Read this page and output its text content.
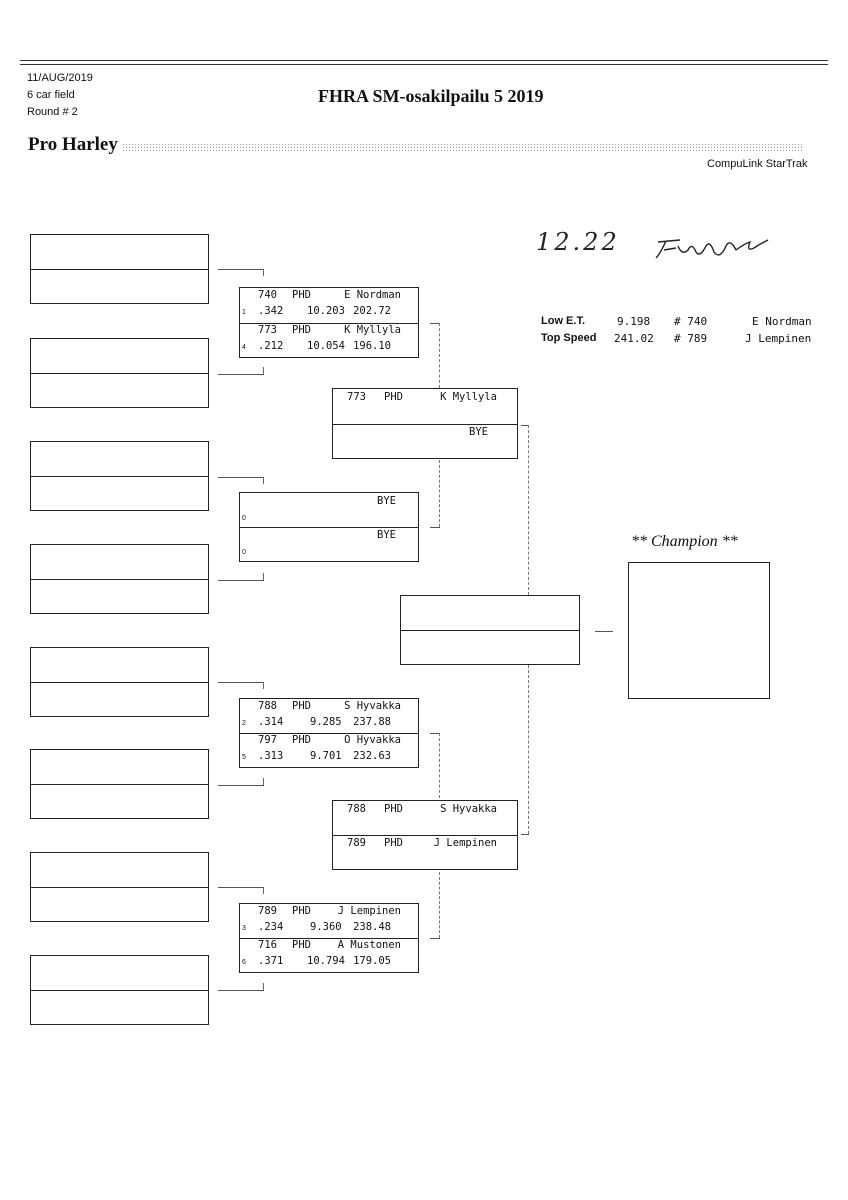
11/AUG/2019
6 car field
Round # 2
FHRA SM-osakilpailu 5 2019
Pro Harley
CompuLink StarTrak
12.22
Low E.T.	9.198 # 740	E Nordman
Top Speed 241.02 # 789	J Lempinen
740 PHD	E Nordman
1 .342 10.203 202.72
773 PHD	K Myllyla
4 .212 10.054 196.10
BYE
0
BYE
0
788 PHD	S Hyvakka
2 .314	9.285 237.88
797 PHD	O Hyvakka
5 .313	9.701 232.63
789 PHD	J Lempinen
3 .234	9.360 238.48
716 PHD	A Mustonen
6 .371 10.794 179.05
773 PHD	K Myllyla
BYE
788 PHD	S Hyvakka
789 PHD	J Lempinen
** Champion **
